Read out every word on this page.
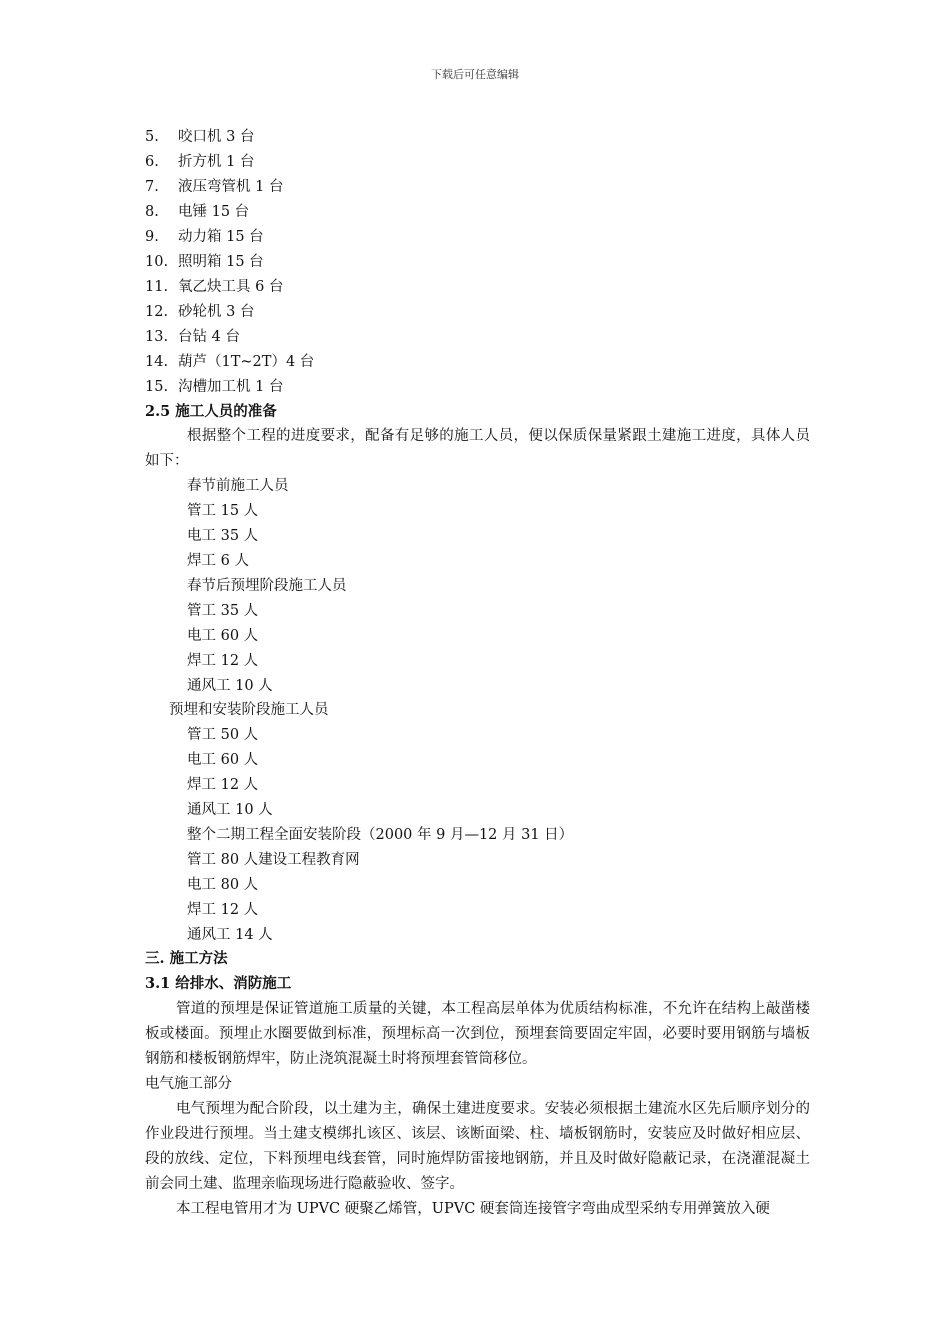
下载后可任意编辑
5. 咬口机 3 台
6. 折方机 1 台
7. 液压弯管机 1 台
8. 电锤 15 台
9. 动力箱 15 台
10. 照明箱 15 台
11. 氧乙炔工具 6 台
12. 砂轮机 3 台
13. 台钻 4 台
14. 葫芦（1T~2T）4 台
15. 沟槽加工机 1 台
2.5 施工人员的准备
根据整个工程的进度要求，配备有足够的施工人员，便以保质保量紧跟土建施工进度，具体人员如下：
春节前施工人员
管工 15 人
电工 35 人
焊工 6 人
春节后预埋阶段施工人员
管工 35 人
电工 60 人
焊工 12 人
通风工 10 人
预埋和安装阶段施工人员
管工 50 人
电工 60 人
焊工 12 人
通风工 10 人
整个二期工程全面安装阶段（2000 年 9 月—12 月 31 日）
管工 80 人建设工程教育网
电工 80 人
焊工 12 人
通风工 14 人
三. 施工方法
3.1 给排水、消防施工
管道的预埋是保证管道施工质量的关键，本工程高层单体为优质结构标准，不允许在结构上敲凿楼板或楼面。预埋止水圈要做到标准，预埋标高一次到位，预埋套筒要固定牢固，必要时要用钢筋与墙板钢筋和楼板钢筋焊牢，防止浇筑混凝土时将预埋套管筒移位。
电气施工部分
电气预埋为配合阶段，以土建为主，确保土建进度要求。安装必须根据土建流水区先后顺序划分的作业段进行预埋。当土建支模绑扎该区、该层、该断面梁、柱、墙板钢筋时，安装应及时做好相应层、段的放线、定位，下料预埋电线套管，同时施焊防雷接地钢筋，并且及时做好隐蔽记录，在浇灌混凝土前会同土建、监理亲临现场进行隐蔽验收、签字。
本工程电管用才为 UPVC 硬聚乙烯管，UPVC 硬套筒连接管字弯曲成型采纳专用弹簧放入硬
